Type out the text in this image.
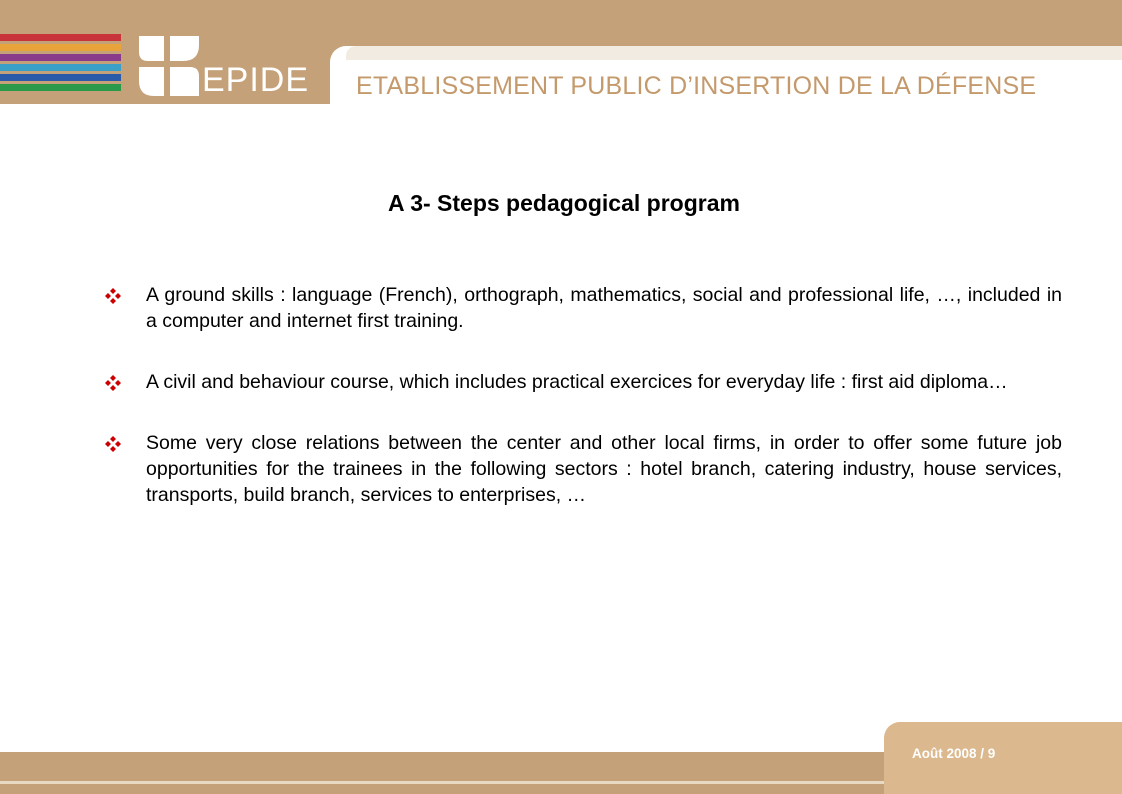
EPIDE ETABLISSEMENT PUBLIC D’INSERTION DE LA DÉFENSE
A 3- Steps pedagogical program
A ground skills : language (French), orthograph, mathematics, social and professional life, …, included in a computer and internet first training.
A civil and behaviour course, which includes practical exercices for everyday life : first aid diploma…
Some very close relations between the center and other local firms, in order to offer some future job opportunities for the trainees in the following sectors : hotel branch, catering industry, house services, transports, build branch, services to enterprises, …
Août 2008 / 9
